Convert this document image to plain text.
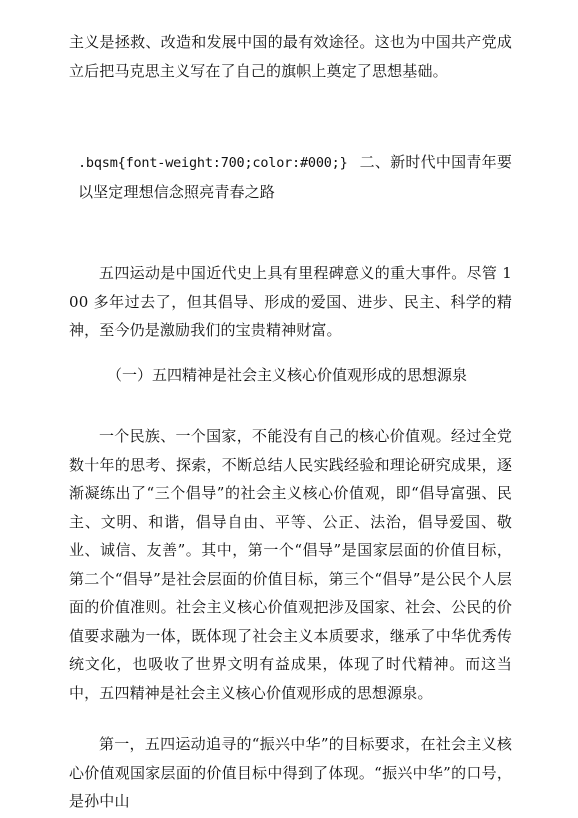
主义是拯救、改造和发展中国的最有效途径。这也为中国共产党成立后把马克思主义写在了自己的旗帜上奠定了思想基础。

.bqsm{font-weight:700;color:#000;} 二、新时代中国青年要以坚定理想信念照亮青春之路

五四运动是中国近代史上具有里程碑意义的重大事件。尽管 100 多年过去了，但其倡导、形成的爱国、进步、民主、科学的精神，至今仍是激励我们的宝贵精神财富。

（一）五四精神是社会主义核心价值观形成的思想源泉

一个民族、一个国家，不能没有自己的核心价值观。经过全党数十年的思考、探索，不断总结人民实践经验和理论研究成果，逐渐凝练出了“三个倡导”的社会主义核心价值观，即“倡导富强、民主、文明、和谐，倡导自由、平等、公正、法治，倡导爱国、敬业、诚信、友善”。其中，第一个“倡导”是国家层面的价值目标，第二个“倡导”是社会层面的价值目标，第三个“倡导”是公民个人层面的价值准则。社会主义核心价值观把涉及国家、社会、公民的价值要求融为一体，既体现了社会主义本质要求，继承了中华优秀传统文化，也吸收了世界文明有益成果，体现了时代精神。而这当中，五四精神是社会主义核心价值观形成的思想源泉。

第一，五四运动追寻的“振兴中华”的目标要求，在社会主义核心价值观国家层面的价值目标中得到了体现。“振兴中华”的口号，是孙中山
